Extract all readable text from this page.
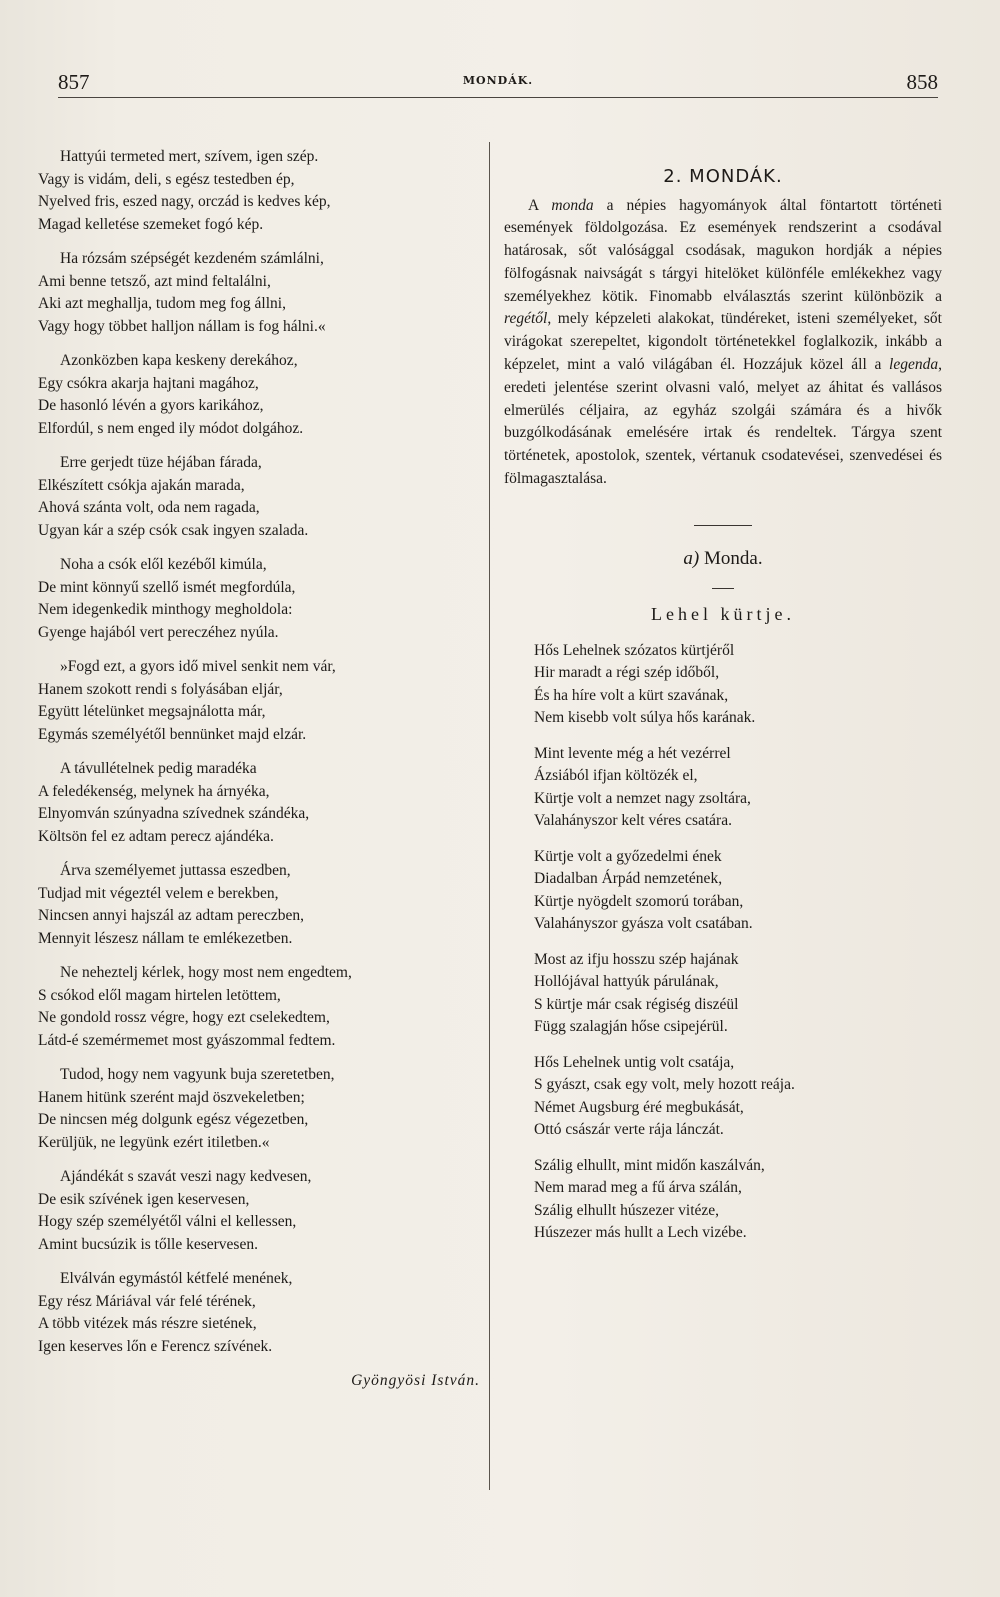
857	MONDÁK.	858
Hattyúi termeted mert, szívem, igen szép.
Vagy is vidám, deli, s egész testedben ép,
Nyelved fris, eszed nagy, orczád is kedves kép,
Magad kelletése szemeket fogó kép.
Ha rózsám szépségét kezdeném számlálni,
Ami benne tetsző, azt mind feltalálni,
Aki azt meghallja, tudom meg fog állni,
Vagy hogy többet halljon nállam is fog hálni.«
Azonközben kapa keskeny derekához,
Egy csókra akarja hajtani magához,
De hasonló lévén a gyors karikához,
Elfordúl, s nem enged ily módot dolgához.
Erre gerjedt tüze héjában fárada,
Elkészített csókja ajakán marada,
Ahová szánta volt, oda nem ragada,
Ugyan kár a szép csók csak ingyen szalada.
Noha a csók elől kezéből kimúla,
De mint könnyű szellő ismét megfordúla,
Nem idegenkedik minthogy megholdola:
Gyenge hajából vert pereczéhez nyúla.
»Fogd ezt, a gyors idő mivel senkit nem vár,
Hanem szokott rendi s folyásában eljár,
Együtt lételünket megsajnálotta már,
Egymás személyétől bennünket majd elzár.
A távullételnek pedig maradéka
A feledékenség, melynek ha árnyéka,
Elnyomván szúnyadna szívednek szándéka,
Költsön fel ez adtam perecz ajándéka.
Árva személyemet juttassa eszedben,
Tudjad mit végeztél velem e berekben,
Nincsen annyi hajszál az adtam pereczben,
Mennyit lészesz nállam te emlékezetben.
Ne neheztelj kérlek, hogy most nem engedtem,
S csókod elől magam hirtelen letöttem,
Ne gondold rossz végre, hogy ezt cselekedtem,
Látd-é szemérmemet most gyászommal fedtem.
Tudod, hogy nem vagyunk buja szeretetben,
Hanem hitünk szerént majd öszvekeletben;
De nincsen még dolgunk egész végezetben,
Kerüljük, ne legyünk ezért itiletben.«
Ajándékát s szavát veszi nagy kedvesen,
De esik szívének igen keservesen,
Hogy szép személyétől válni el kellessen,
Amint bucsúzik is tőlle keservesen.
Elválván egymástól kétfelé menének,
Egy rész Máriával vár felé térének,
A több vitézek más részre sietének,
Igen keserves lőn e Ferencz szívének.
Gyöngyösi István.
2. MONDÁK.

A monda a népies hagyományok által föntartott történeti események földolgozása. Ez események rendszerint a csodával határosak, sőt valósággal csodásak, magukon hordják a népies fölfogásnak naivságát s tárgyi hitelöket különféle emlékekhez vagy személyekhez kötik. Finomabb elválasztás szerint különbözik a regétől, mely képzeleti alakokat, tündéreket, isteni személyeket, sőt virágokat szerepeltet, kigondolt történetekkel foglalkozik, inkább a képzelet, mint a való világában él. Hozzájuk közel áll a legenda, eredeti jelentése szerint olvasni való, melyet az áhitat és vallásos elmerülés céljaira, az egyház szolgái számára és a hivők buzgólkodásának emelésére irtak és rendeltek. Tárgya szent történetek, apostolok, szentek, vértanuk csodatevései, szenvedései és fölmagasztalása.

a) Monda.
Lehel kürtje.
Hős Lehelnek szózatos kürtjéről
Hir maradt a régi szép időből,
És ha híre volt a kürt szavának,
Nem kisebb volt súlya hős karának.
Mint levente még a hét vezérrel
Ázsiából ifjan költözék el,
Kürtje volt a nemzet nagy zsoltára,
Valahányszor kelt véres csatára.
Kürtje volt a győzedelmi ének
Diadalban Árpád nemzetének,
Kürtje nyögdelt szomorú torában,
Valahányszor gyásza volt csatában.
Most az ifju hosszu szép hajának
Hollójával hattyúk párulának,
S kürtje már csak régiség diszéül
Függ szalagján hőse csipejérül.
Hős Lehelnek untig volt csatája,
S gyászt, csak egy volt, mely hozott reája.
Német Augsburg éré megbukását,
Ottó császár verte rája lánczát.
Szálig elhullt, mint midőn kaszálván,
Nem marad meg a fű árva szálán,
Szálig elhullt húszezer vitéze,
Húszezer más hullt a Lech vizébe.
